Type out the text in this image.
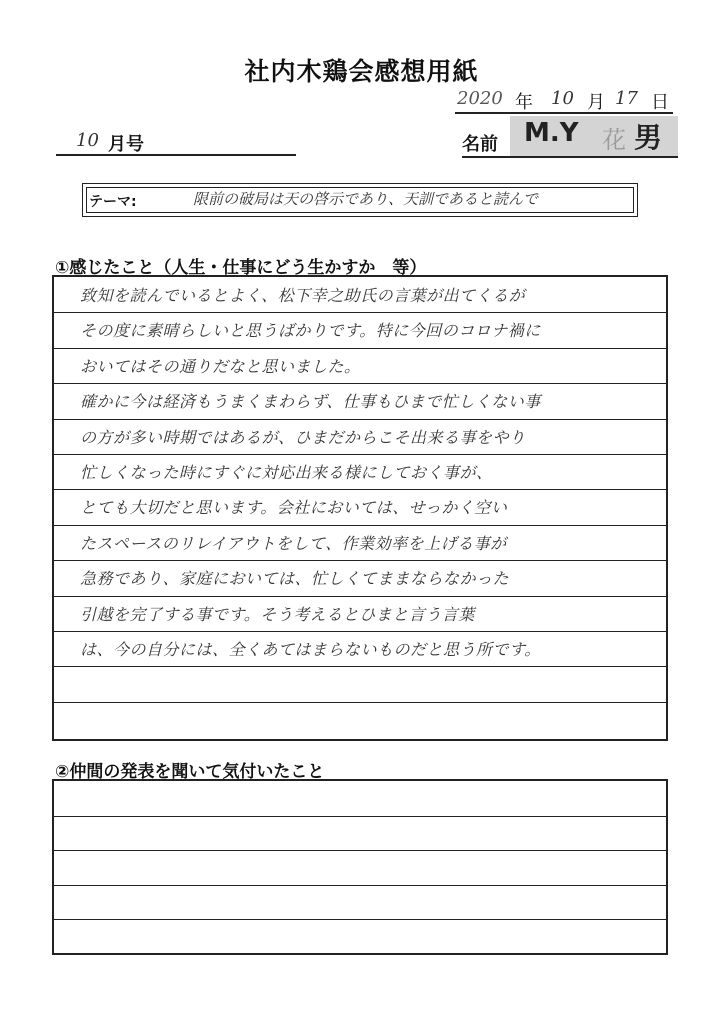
社内木鶏会感想用紙
2020 年 10 月 17 日
10 月号	名前 M.Y 花 男
テーマ:	限前の破局は天の啓示であり、天訓であると読んで
①感じたこと（人生・仕事にどう生かすか　等）
致知を読んでいるとよく、松下幸之助氏の言葉が出てくるが
その度に素晴らしいと思うばかりです。特に今回のコロナ禍に
おいてはその通りだなと思いました。
確かに今は経済もうまくまわらず、仕事もひまで忙しくない事
の方が多い時期ではあるが、ひまだからこそ出来る事をやり
忙しくなった時にすぐに対応出来る様にしておく事が、
とても大切だと思います。会社においては、せっかく空い
たスペースのリレイアウトをして、作業効率を上げる事が
急務であり、家庭においては、忙しくてままならなかった
引越を完了する事です。そう考えるとひまと言う言葉
は、今の自分には、全くあてはまらないものだと思う所です。
②仲間の発表を聞いて気付いたこと
